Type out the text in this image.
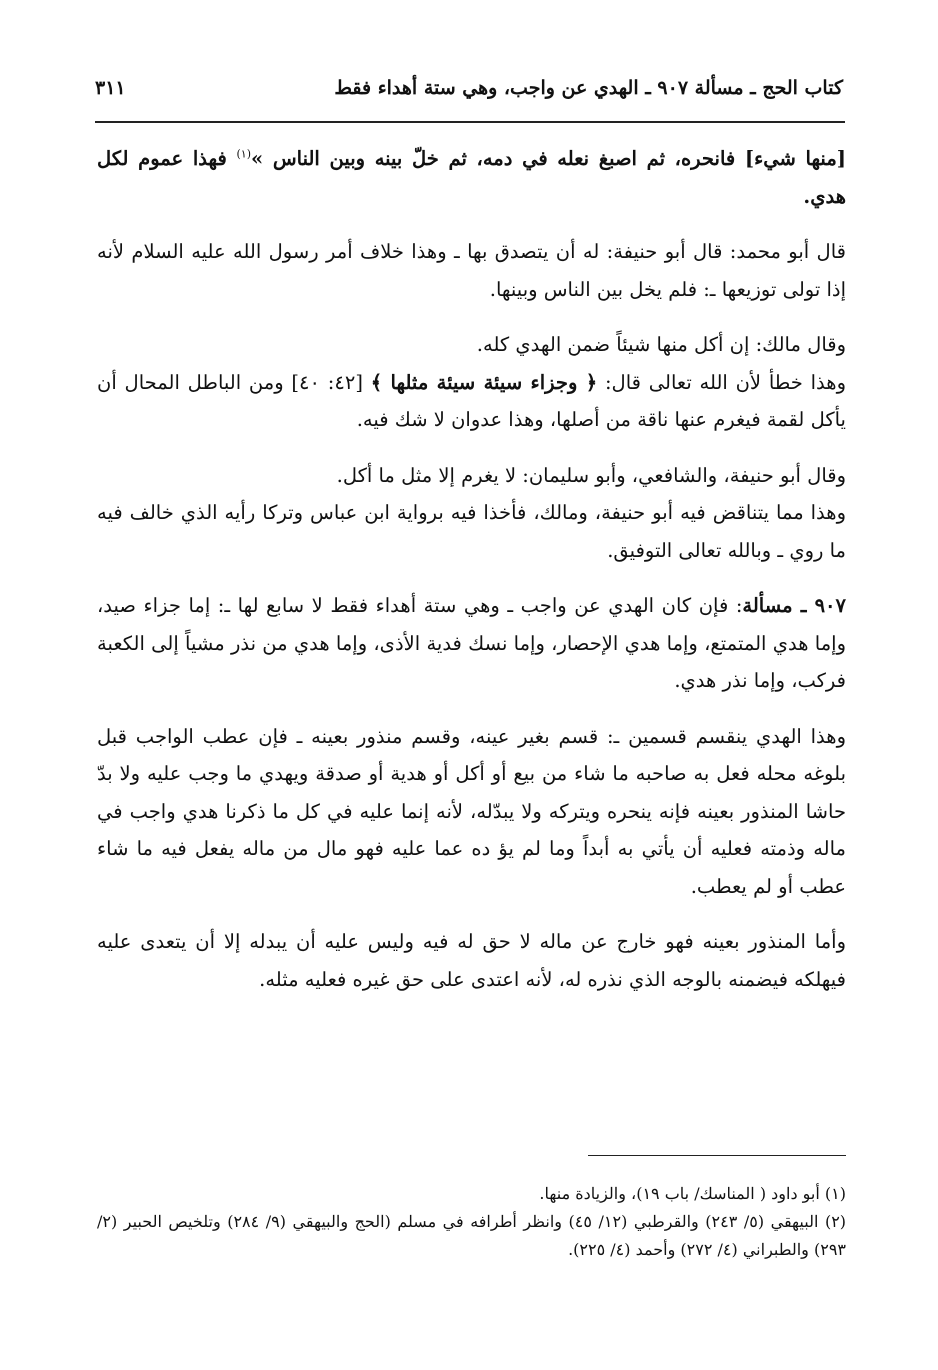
كتاب الحج ـ مسألة ٩٠٧ ـ الهدي عن واجب، وهي ستة أهداء فقط
٣١١

[منها شيء] فانحره، ثم اصبغ نعله في دمه، ثم خلّ بينه وبين الناس »$^{(١)}$ فهذا عموم لكل هدي.

قال أبو محمد: قال أبو حنيفة: له أن يتصدق بها ـ وهذا خلاف أمر رسول الله عليه السلام لأنه إذا تولى توزيعها ـ: فلم يخل بين الناس وبينها.

وقال مالك: إن أكل منها شيئاً ضمن الهدي كله.

وهذا خطأ لأن الله تعالى قال: ﴿ وجزاء سيئة سيئة مثلها ﴾ [٤٢: ٤٠] ومن الباطل المحال أن يأكل لقمة فيغرم عنها ناقة من أصلها، وهذا عدوان لا شك فيه.

وقال أبو حنيفة، والشافعي، وأبو سليمان: لا يغرم إلا مثل ما أكل.

وهذا مما يتناقض فيه أبو حنيفة، ومالك، فأخذا فيه برواية ابن عباس وتركا رأيه الذي خالف فيه ما روي ـ وبالله تعالى التوفيق.

٩٠٧ ـ مسألة: فإن كان الهدي عن واجب ـ وهي ستة أهداء فقط لا سابع لها ـ: إما جزاء صيد، وإما هدي المتمتع، وإما هدي الإحصار، وإما نسك فدية الأذى، وإما هدي من نذر مشياً إلى الكعبة فركب، وإما نذر هدي.

وهذا الهدي ينقسم قسمين ـ: قسم بغير عينه، وقسم منذور بعينه ـ فإن عطب الواجب قبل بلوغه محله فعل به صاحبه ما شاء من بيع أو أكل أو هدية أو صدقة ويهدي ما وجب عليه ولا بدّ حاشا المنذور بعينه فإنه ينحره ويتركه ولا يبدّله، لأنه إنما عليه في كل ما ذكرنا هدي واجب في ماله وذمته فعليه أن يأتي به أبداً وما لم يؤ ده عما عليه فهو مال من ماله يفعل فيه ما شاء عطب أو لم يعطب.

وأما المنذور بعينه فهو خارج عن ماله لا حق له فيه وليس عليه أن يبدله إلا أن يتعدى عليه فيهلكه فيضمنه بالوجه الذي نذره له، لأنه اعتدى على حق غيره فعليه مثله.

(١) أبو داود ( المناسك/ باب ١٩)، والزيادة منها.

(٢) البيهقي (٥/ ٢٤٣) والقرطبي (١٢/ ٤٥) وانظر أطرافه في مسلم (الحج والبيهقي (٩/ ٢٨٤) وتلخيص الحبير (٢/ ٢٩٣) والطبراني (٤/ ٢٧٢) وأحمد (٤/ ٢٢٥).
